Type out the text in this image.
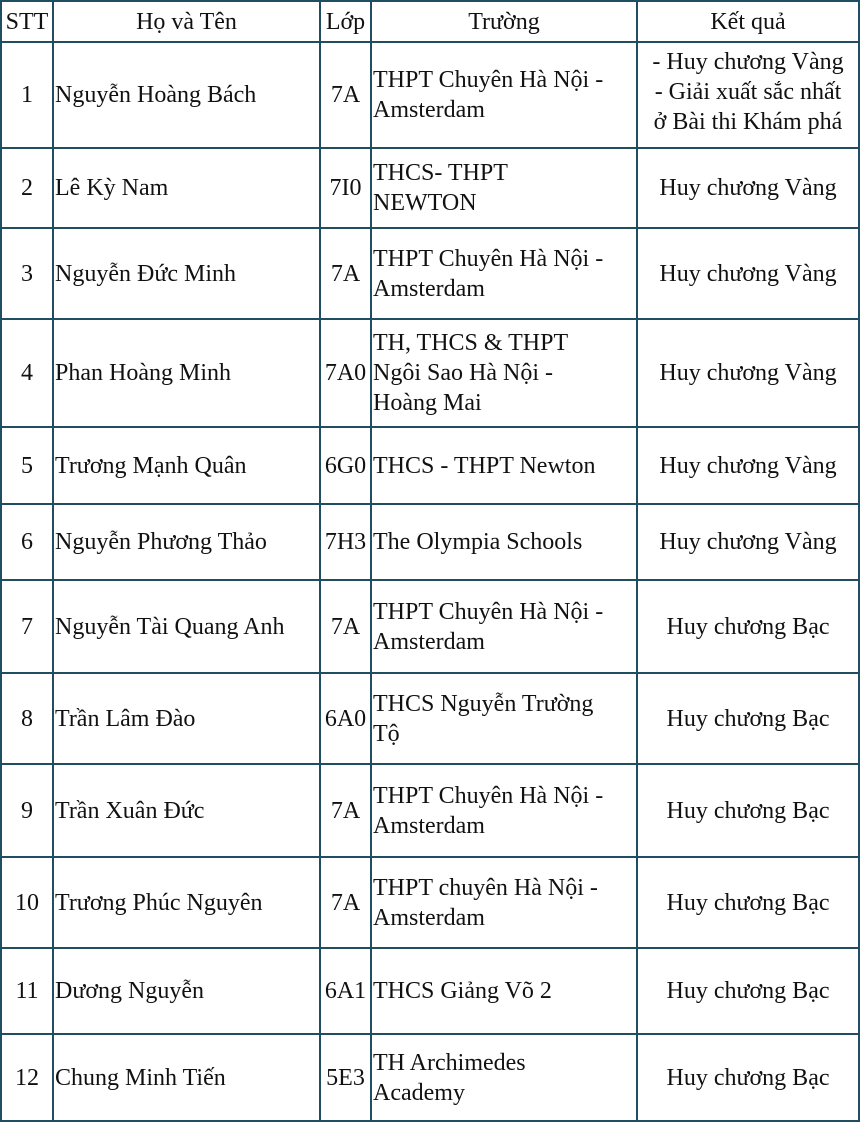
STT	Họ và Tên	Lớp	Trường	Kết quả

1	Nguyễn Hoàng Bách	7A	THPT Chuyên Hà Nội -
Amsterdam	- Huy chương Vàng
- Giải xuất sắc nhất
ở Bài thi Khám phá

2	Lê Kỳ Nam	7I0	THCS- THPT
NEWTON	Huy chương Vàng

3	Nguyễn Đức Minh	7A	THPT Chuyên Hà Nội -
Amsterdam	Huy chương Vàng

4	Phan Hoàng Minh	7A0	TH, THCS & THPT
Ngôi Sao Hà Nội -
Hoàng Mai	Huy chương Vàng

5	Trương Mạnh Quân	6G0	THCS - THPT Newton	Huy chương Vàng

6	Nguyễn Phương Thảo	7H3	The Olympia Schools	Huy chương Vàng

7	Nguyễn Tài Quang Anh	7A	THPT Chuyên Hà Nội -
Amsterdam	Huy chương Bạc

8	Trần Lâm Đào	6A0	THCS Nguyễn Trường
Tộ	Huy chương Bạc

9	Trần Xuân Đức	7A	THPT Chuyên Hà Nội -
Amsterdam	Huy chương Bạc

10	Trương Phúc Nguyên	7A	THPT chuyên Hà Nội -
Amsterdam	Huy chương Bạc

11	Dương Nguyễn	6A1	THCS Giảng Võ 2	Huy chương Bạc

12	Chung Minh Tiến	5E3	TH Archimedes
Academy	Huy chương Bạc
